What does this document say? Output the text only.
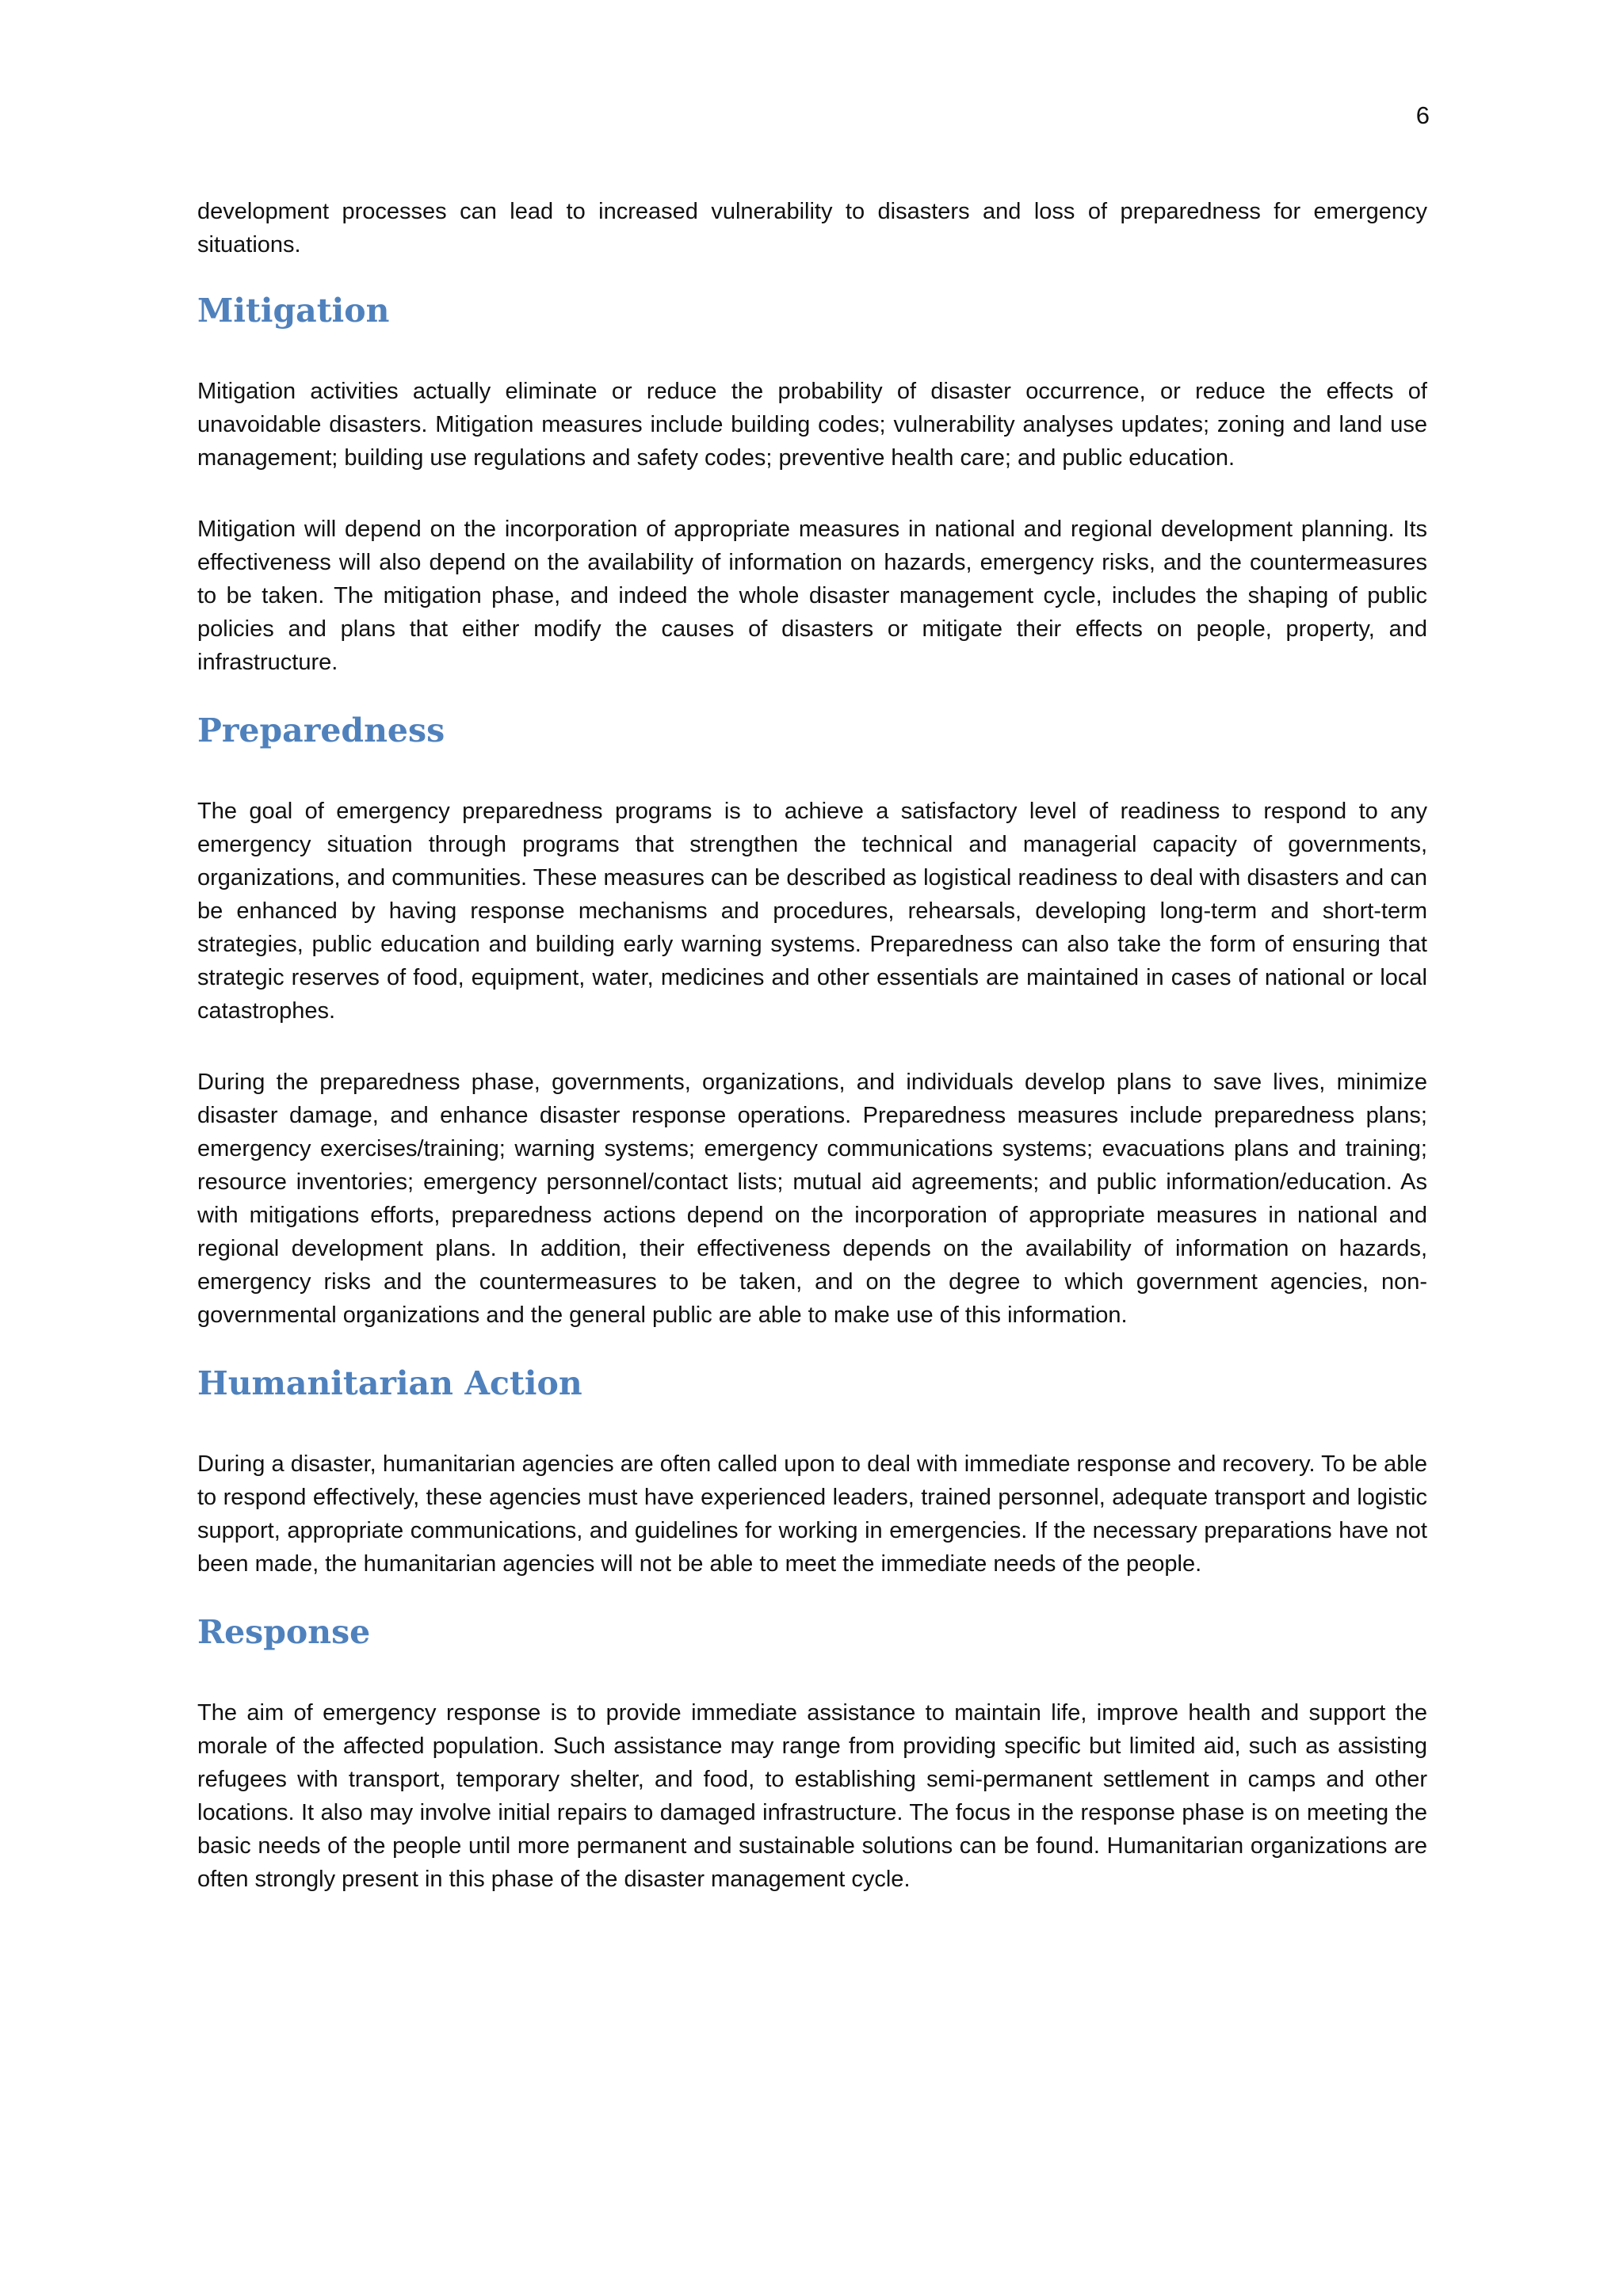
6

development processes can lead to increased vulnerability to disasters and loss of preparedness for emergency situations.

Mitigation

Mitigation activities actually eliminate or reduce the probability of disaster occurrence, or reduce the effects of unavoidable disasters. Mitigation measures include building codes; vulnerability analyses updates; zoning and land use management; building use regulations and safety codes; preventive health care; and public education.

Mitigation will depend on the incorporation of appropriate measures in national and regional development planning. Its effectiveness will also depend on the availability of information on hazards, emergency risks, and the countermeasures to be taken. The mitigation phase, and indeed the whole disaster management cycle, includes the shaping of public policies and plans that either modify the causes of disasters or mitigate their effects on people, property, and infrastructure.

Preparedness

The goal of emergency preparedness programs is to achieve a satisfactory level of readiness to respond to any emergency situation through programs that strengthen the technical and managerial capacity of governments, organizations, and communities. These measures can be described as logistical readiness to deal with disasters and can be enhanced by having response mechanisms and procedures, rehearsals, developing long-term and short-term strategies, public education and building early warning systems. Preparedness can also take the form of ensuring that strategic reserves of food, equipment, water, medicines and other essentials are maintained in cases of national or local catastrophes.

During the preparedness phase, governments, organizations, and individuals develop plans to save lives, minimize disaster damage, and enhance disaster response operations. Preparedness measures include preparedness plans; emergency exercises/training; warning systems; emergency communications systems; evacuations plans and training; resource inventories; emergency personnel/contact lists; mutual aid agreements; and public information/education. As with mitigations efforts, preparedness actions depend on the incorporation of appropriate measures in national and regional development plans. In addition, their effectiveness depends on the availability of information on hazards, emergency risks and the countermeasures to be taken, and on the degree to which government agencies, non-governmental organizations and the general public are able to make use of this information.

Humanitarian Action

During a disaster, humanitarian agencies are often called upon to deal with immediate response and recovery. To be able to respond effectively, these agencies must have experienced leaders, trained personnel, adequate transport and logistic support, appropriate communications, and guidelines for working in emergencies. If the necessary preparations have not been made, the humanitarian agencies will not be able to meet the immediate needs of the people.

Response

The aim of emergency response is to provide immediate assistance to maintain life, improve health and support the morale of the affected population. Such assistance may range from providing specific but limited aid, such as assisting refugees with transport, temporary shelter, and food, to establishing semi-permanent settlement in camps and other locations. It also may involve initial repairs to damaged infrastructure. The focus in the response phase is on meeting the basic needs of the people until more permanent and sustainable solutions can be found. Humanitarian organizations are often strongly present in this phase of the disaster management cycle.
